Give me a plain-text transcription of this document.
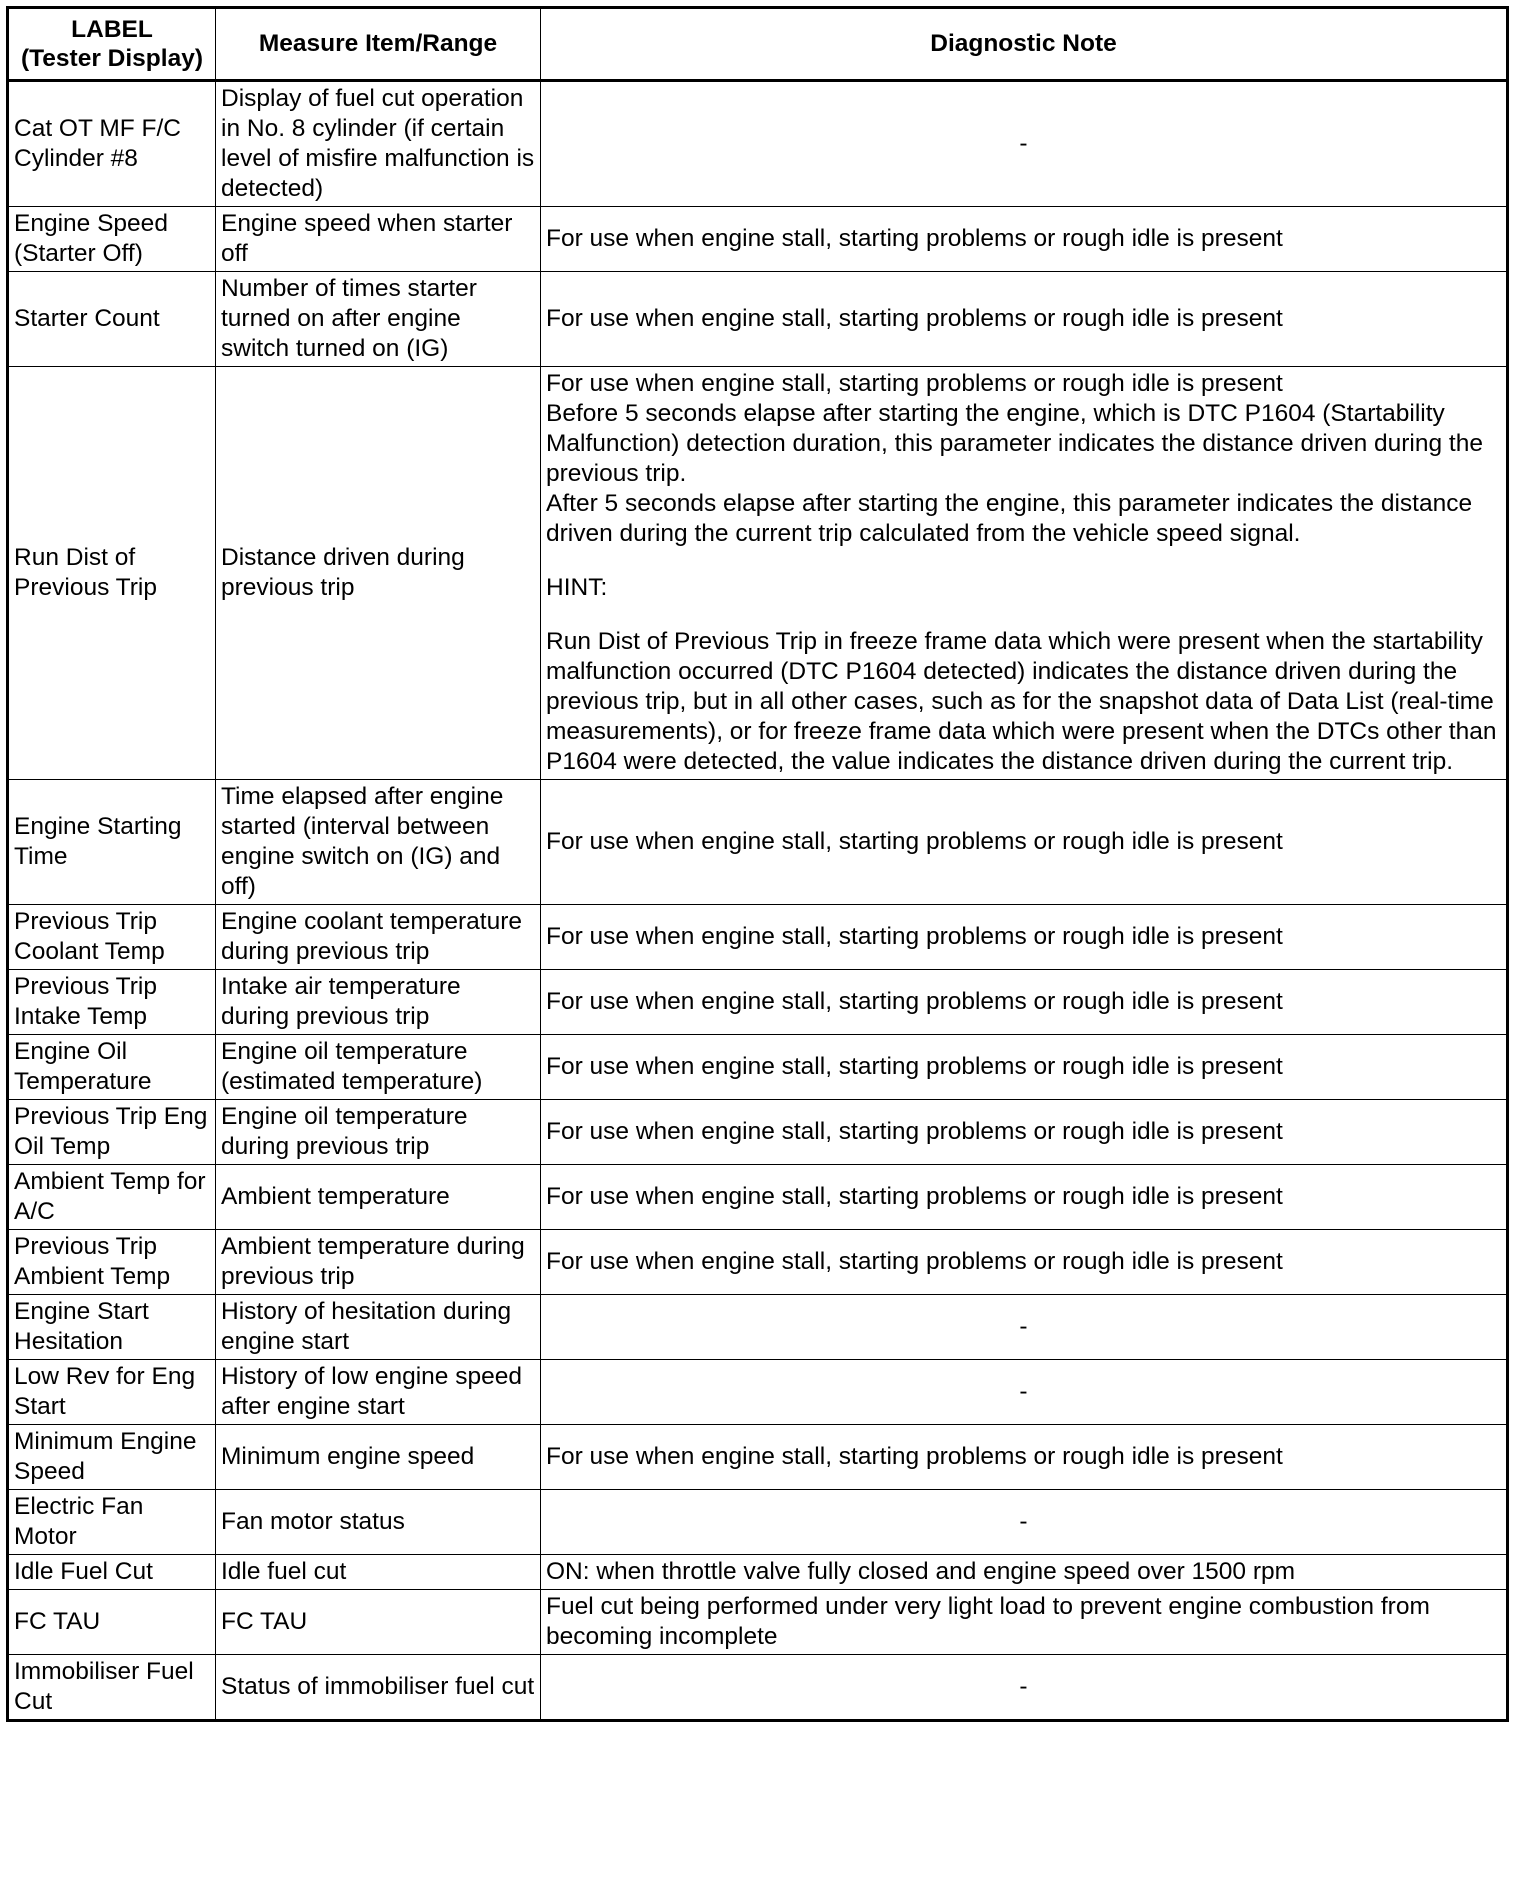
LABEL
(Tester Display)	Measure Item/Range	Diagnostic Note
Cat OT MF F/C Cylinder #8	Display of fuel cut operation in No. 8 cylinder (if certain level of misfire malfunction is detected)	-
Engine Speed (Starter Off)	Engine speed when starter off	For use when engine stall, starting problems or rough idle is present
Starter Count	Number of times starter turned on after engine switch turned on (IG)	For use when engine stall, starting problems or rough idle is present
Run Dist of Previous Trip	Distance driven during previous trip	For use when engine stall, starting problems or rough idle is present
Before 5 seconds elapse after starting the engine, which is DTC P1604 (Startability Malfunction) detection duration, this parameter indicates the distance driven during the previous trip.
After 5 seconds elapse after starting the engine, this parameter indicates the distance driven during the current trip calculated from the vehicle speed signal.
HINT:
Run Dist of Previous Trip in freeze frame data which were present when the startability malfunction occurred (DTC P1604 detected) indicates the distance driven during the previous trip, but in all other cases, such as for the snapshot data of Data List (real-time measurements), or for freeze frame data which were present when the DTCs other than P1604 were detected, the value indicates the distance driven during the current trip.

Engine Starting Time	Time elapsed after engine started (interval between engine switch on (IG) and off)	For use when engine stall, starting problems or rough idle is present
Previous Trip Coolant Temp	Engine coolant temperature during previous trip	For use when engine stall, starting problems or rough idle is present
Previous Trip Intake Temp	Intake air temperature during previous trip	For use when engine stall, starting problems or rough idle is present
Engine Oil Temperature	Engine oil temperature (estimated temperature)	For use when engine stall, starting problems or rough idle is present
Previous Trip Eng Oil Temp	Engine oil temperature during previous trip	For use when engine stall, starting problems or rough idle is present
Ambient Temp for A/C	Ambient temperature	For use when engine stall, starting problems or rough idle is present
Previous Trip Ambient Temp	Ambient temperature during previous trip	For use when engine stall, starting problems or rough idle is present
Engine Start Hesitation	History of hesitation during engine start	-
Low Rev for Eng Start	History of low engine speed after engine start	-
Minimum Engine Speed	Minimum engine speed	For use when engine stall, starting problems or rough idle is present
Electric Fan Motor	Fan motor status	-
Idle Fuel Cut	Idle fuel cut	ON: when throttle valve fully closed and engine speed over 1500 rpm
FC TAU	FC TAU	Fuel cut being performed under very light load to prevent engine combustion from becoming incomplete
Immobiliser Fuel Cut	Status of immobiliser fuel cut	-
